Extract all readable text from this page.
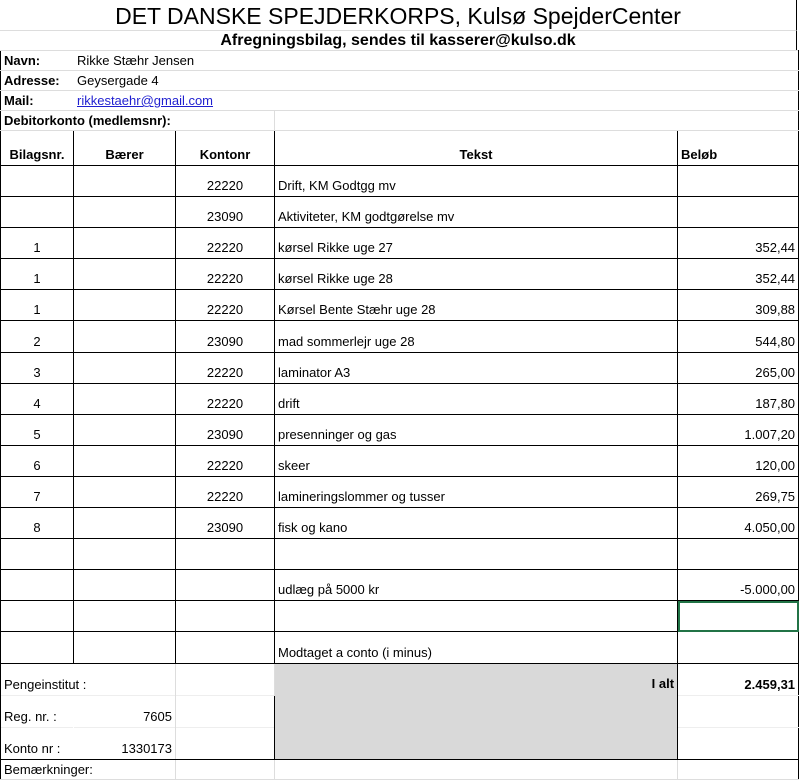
DET DANSKE SPEJDERKORPS, Kulsø SpejderCenter
Afregningsbilag, sendes til kasserer@kulso.dk
Navn:	Rikke Stæhr Jensen			
Adresse:	Geysergade 4			
Mail:	rikkestaehr@gmail.com			
Debitorkonto (medlemsnr):				
Bilagsnr.	Bærer	Kontonr	Tekst	Beløb
		22220	Drift, KM Godtgg mv	
		23090	Aktiviteter, KM godtgørelse mv	
1		22220	kørsel Rikke uge 27	352,44
1		22220	kørsel Rikke uge 28	352,44
1		22220	Kørsel Bente Stæhr uge 28	309,88
2		23090	mad sommerlejr uge 28	544,80
3		22220	laminator A3	265,00
4		22220	drift	187,80
5		23090	presenninger og gas	1.007,20
6		22220	skeer	120,00
7		22220	lamineringslommer og tusser	269,75
8		23090	fisk og kano	4.050,00

			udlæg på 5000 kr	-5.000,00

			Modtaget a conto (i minus)	
Pengeinstitut :			I alt	2.459,31
Reg. nr. :	7605			
Konto nr :	1330173			
Bemærkninger:				
